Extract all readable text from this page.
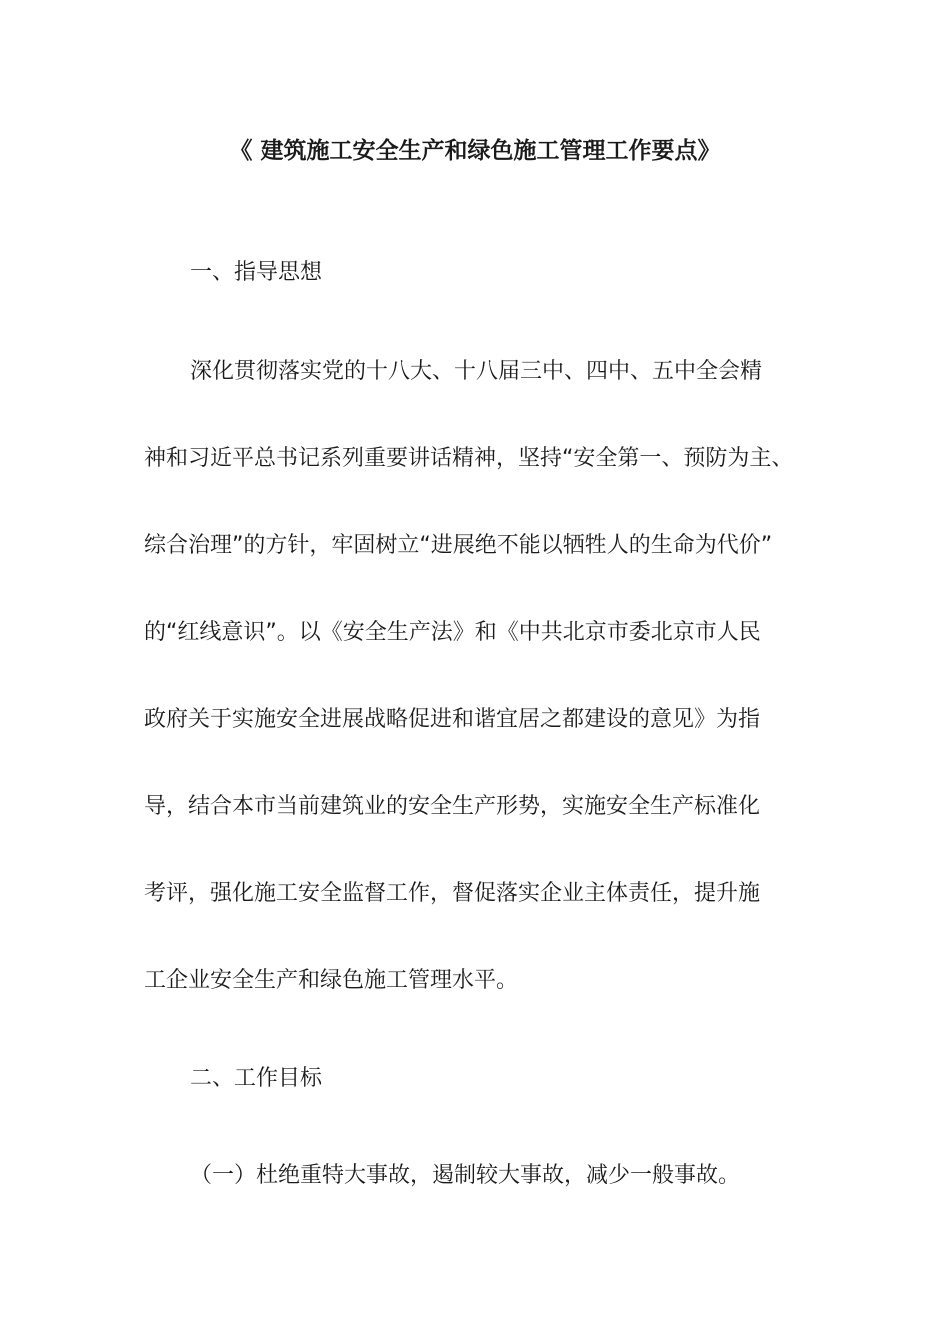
《 建筑施工安全生产和绿色施工管理工作要点》
一、指导思想
深化贯彻落实党的十八大、十八届三中、四中、五中全会精
神和习近平总书记系列重要讲话精神，坚持“安全第一、预防为主、
综合治理”的方针，牢固树立“进展绝不能以牺牲人的生命为代价”
的“红线意识”。以《安全生产法》和《中共北京市委北京市人民
政府关于实施安全进展战略促进和谐宜居之都建设的意见》为指
导，结合本市当前建筑业的安全生产形势，实施安全生产标准化
考评，强化施工安全监督工作，督促落实企业主体责任，提升施
工企业安全生产和绿色施工管理水平。
二、工作目标
（一）杜绝重特大事故，遏制较大事故，减少一般事故。
